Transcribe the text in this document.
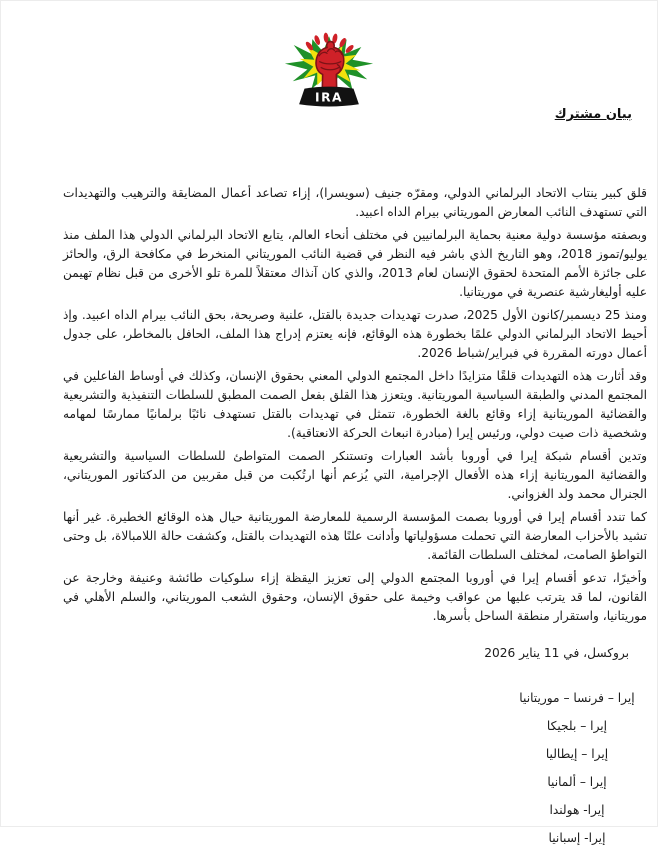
IRA
بيان مشترك

قلق كبير ينتاب الاتحاد البرلماني الدولي، ومقرّه جنيف (سويسرا)، إزاء تصاعد أعمال المضايقة والترهيب والتهديدات التي تستهدف النائب المعارض الموريتاني بيرام الداه اعبيد.

وبصفته مؤسسة دولية معنية بحماية البرلمانيين في مختلف أنحاء العالم، يتابع الاتحاد البرلماني الدولي هذا الملف منذ يوليو/تموز 2018، وهو التاريخ الذي باشر فيه النظر في قضية النائب الموريتاني المنخرط في مكافحة الرق، والحائز على جائزة الأمم المتحدة لحقوق الإنسان لعام 2013، والذي كان آنذاك معتقلاً للمرة تلو الأخرى من قبل نظام تهيمن عليه أوليغارشية عنصرية في موريتانيا.

ومنذ 25 ديسمبر/كانون الأول 2025، صدرت تهديدات جديدة بالقتل، علنية وصريحة، بحق النائب بيرام الداه اعبيد. وإذ أحيط الاتحاد البرلماني الدولي علمًا بخطورة هذه الوقائع، فإنه يعتزم إدراج هذا الملف، الحافل بالمخاطر، على جدول أعمال دورته المقررة في فبراير/شباط 2026.

وقد أثارت هذه التهديدات قلقًا متزايدًا داخل المجتمع الدولي المعني بحقوق الإنسان، وكذلك في أوساط الفاعلين في المجتمع المدني والطبقة السياسية الموريتانية. ويتعزز هذا القلق بفعل الصمت المطبق للسلطات التنفيذية والتشريعية والقضائية الموريتانية إزاء وقائع بالغة الخطورة، تتمثل في تهديدات بالقتل تستهدف نائبًا برلمانيًا ممارسًا لمهامه وشخصية ذات صيت دولي، ورئيس إيرا (مبادرة انبعاث الحركة الانعتاقية).

وتدين أقسام شبكة إيرا في أوروبا بأشد العبارات وتستنكر الصمت المتواطئ للسلطات السياسية والتشريعية والقضائية الموريتانية إزاء هذه الأفعال الإجرامية، التي يُزعم أنها ارتُكبت من قبل مقربين من الدكتاتور الموريتاني، الجنرال محمد ولد الغزواني.

كما تندد أقسام إيرا في أوروبا بصمت المؤسسة الرسمية للمعارضة الموريتانية حيال هذه الوقائع الخطيرة. غير أنها تشيد بالأحزاب المعارضة التي تحملت مسؤولياتها وأدانت علنًا هذه التهديدات بالقتل، وكشفت حالة اللامبالاة، بل وحتى التواطؤ الصامت، لمختلف السلطات القائمة.

وأخيرًا، تدعو أقسام إيرا في أوروبا المجتمع الدولي إلى تعزيز اليقظة إزاء سلوكيات طائشة وعنيفة وخارجة عن القانون، لما قد يترتب عليها من عواقب وخيمة على حقوق الإنسان، وحقوق الشعب الموريتاني، والسلم الأهلي في موريتانيا، واستقرار منطقة الساحل بأسرها.

بروكسل، في 11 يناير 2026

إيرا – فرنسا – موريتانيا
إيرا – بلجيكا
إيرا – إيطاليا
إيرا – ألمانيا
إيرا- هولندا
إيرا- إسبانيا
